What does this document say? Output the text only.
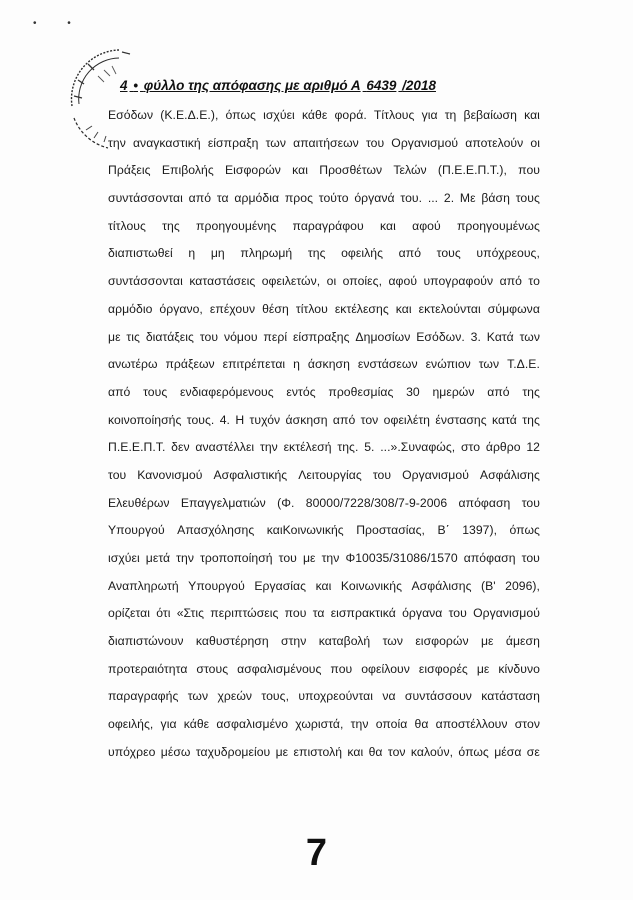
• •
4 • φύλλο της απόφασης με αριθμό Α 6439 /2018
Εσόδων (Κ.Ε.Δ.Ε.), όπως ισχύει κάθε φορά. Τίτλους για τη βεβαίωση και
την αναγκαστική είσπραξη των απαιτήσεων του Οργανισμού αποτελούν οι
Πράξεις Επιβολής Εισφορών και Προσθέτων Τελών (Π.Ε.Ε.Π.Τ.), που
συντάσσονται από τα αρμόδια προς τούτο όργανά του. ... 2. Με βάση τους
τίτλους της προηγουμένης παραγράφου και αφού προηγουμένως
διαπιστωθεί η μη πληρωμή της οφειλής από τους υπόχρεους,
συντάσσονται καταστάσεις οφειλετών, οι οποίες, αφού υπογραφούν από το
αρμόδιο όργανο, επέχουν θέση τίτλου εκτέλεσης και εκτελούνται σύμφωνα
με τις διατάξεις του νόμου περί είσπραξης Δημοσίων Εσόδων. 3. Κατά των
ανωτέρω πράξεων επιτρέπεται η άσκηση ενστάσεων ενώπιον των Τ.Δ.Ε.
από τους ενδιαφερόμενους εντός προθεσμίας 30 ημερών από της
κοινοποίησής τους. 4. Η τυχόν άσκηση από τον οφειλέτη ένστασης κατά της
Π.Ε.Ε.Π.Τ. δεν αναστέλλει την εκτέλεσή της. 5. ...».Συναφώς, στο άρθρο 12
του Κανονισμού Ασφαλιστικής Λειτουργίας του Οργανισμού Ασφάλισης
Ελευθέρων Επαγγελματιών (Φ. 80000/7228/308/7-9-2006 απόφαση του
Υπουργού Απασχόλησης καιΚοινωνικής Προστασίας, Β΄ 1397), όπως
ισχύει μετά την τροποποίησή του με την Φ10035/31086/1570 απόφαση του
Αναπληρωτή Υπουργού Εργασίας και Κοινωνικής Ασφάλισης (Β' 2096),
ορίζεται ότι «Στις περιπτώσεις που τα εισπρακτικά όργανα του Οργανισμού
διαπιστώνουν καθυστέρηση στην καταβολή των εισφορών με άμεση
προτεραιότητα στους ασφαλισμένους που οφείλουν εισφορές με κίνδυνο
παραγραφής των χρεών τους, υποχρεούνται να συντάσσουν κατάσταση
οφειλής, για κάθε ασφαλισμένο χωριστά, την οποία θα αποστέλλουν στον
υπόχρεο μέσω ταχυδρομείου με επιστολή και θα τον καλούν, όπως μέσα σε
7
